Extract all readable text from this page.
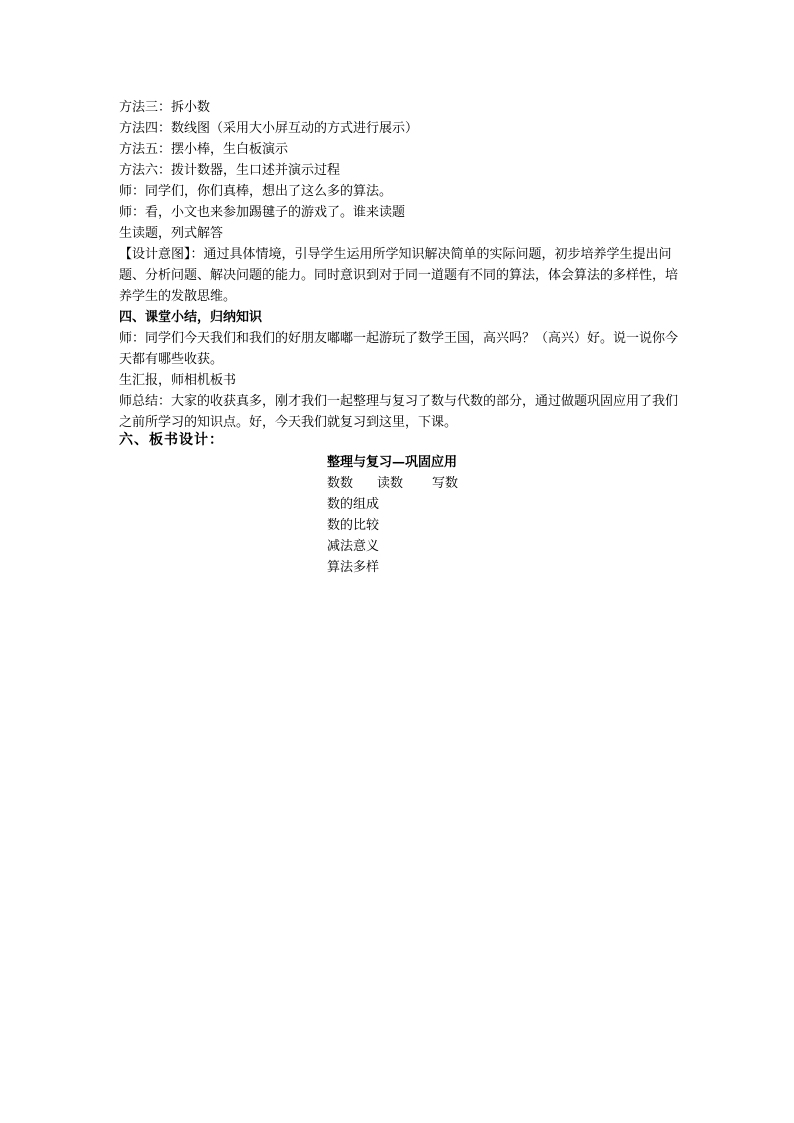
方法三：拆小数
方法四：数线图（采用大小屏互动的方式进行展示）
方法五：摆小棒，生白板演示
方法六：拨计数器，生口述并演示过程
师：同学们，你们真棒，想出了这么多的算法。
师：看，小文也来参加踢毽子的游戏了。谁来读题
生读题，列式解答
【设计意图】：通过具体情境，引导学生运用所学知识解决简单的实际问题，初步培养学生提出问题、分析问题、解决问题的能力。同时意识到对于同一道题有不同的算法，体会算法的多样性，培养学生的发散思维。
四、课堂小结，归纳知识
师：同学们今天我们和我们的好朋友嘟嘟一起游玩了数学王国，高兴吗？（高兴）好。说一说你今天都有哪些收获。
生汇报，师相机板书
师总结：大家的收获真多，刚才我们一起整理与复习了数与代数的部分，通过做题巩固应用了我们之前所学习的知识点。好，今天我们就复习到这里，下课。
六、板书设计：
整理与复习—巩固应用
数数 读数 写数
数的组成
数的比较
减法意义
算法多样
